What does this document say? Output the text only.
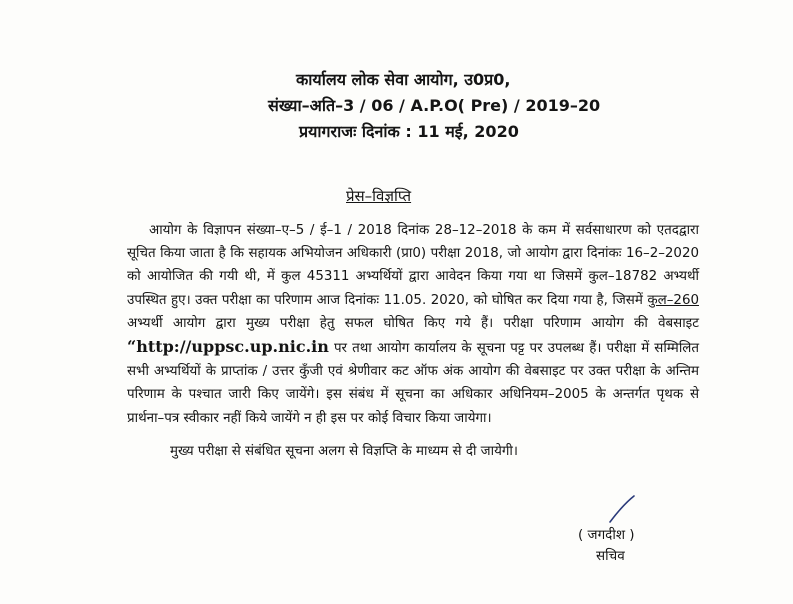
कार्यालय लोक सेवा आयोग, उ0प्र0,
संख्या–अति–3 / 06 / A.P.O( Pre) / 2019–20
प्रयागराजः दिनांक : 11 मई, 2020
प्रेस–विज्ञप्ति
आयोग के विज्ञापन संख्या–ए–5 / ई–1 / 2018 दिनांक 28–12–2018 के कम में सर्वसाधारण को एतदद्वारा सूचित किया जाता है कि सहायक अभियोजन अधिकारी (प्रा0) परीक्षा 2018, जो आयोग द्वारा दिनांकः 16–2–2020 को आयोजित की गयी थी, में कुल 45311 अभ्यर्थियों द्वारा आवेदन किया गया था जिसमें कुल–18782 अभ्यर्थी उपस्थित हुए। उक्त परीक्षा का परिणाम आज दिनांकः 11.05. 2020, को घोषित कर दिया गया है, जिसमें कुल–260 अभ्यर्थी आयोग द्वारा मुख्य परीक्षा हेतु सफल घोषित किए गये हैं। परीक्षा परिणाम आयोग की वेबसाइट “http://uppsc.up.nic.in पर तथा आयोग कार्यालय के सूचना पट्ट पर उपलब्ध हैं। परीक्षा में सम्मिलित सभी अभ्यर्थियों के प्राप्तांक / उत्तर कुँजी एवं श्रेणीवार कट ऑफ अंक आयोग की वेबसाइट पर उक्त परीक्षा के अन्तिम परिणाम के पश्चात जारी किए जायेंगे। इस संबंध में सूचना का अधिकार अधिनियम–2005 के अन्तर्गत पृथक से प्रार्थना–पत्र स्वीकार नहीं किये जायेंगे न ही इस पर कोई विचार किया जायेगा।
मुख्य परीक्षा से संबंधित सूचना अलग से विज्ञप्ति के माध्यम से दी जायेगी।
( जगदीश )
सचिव
